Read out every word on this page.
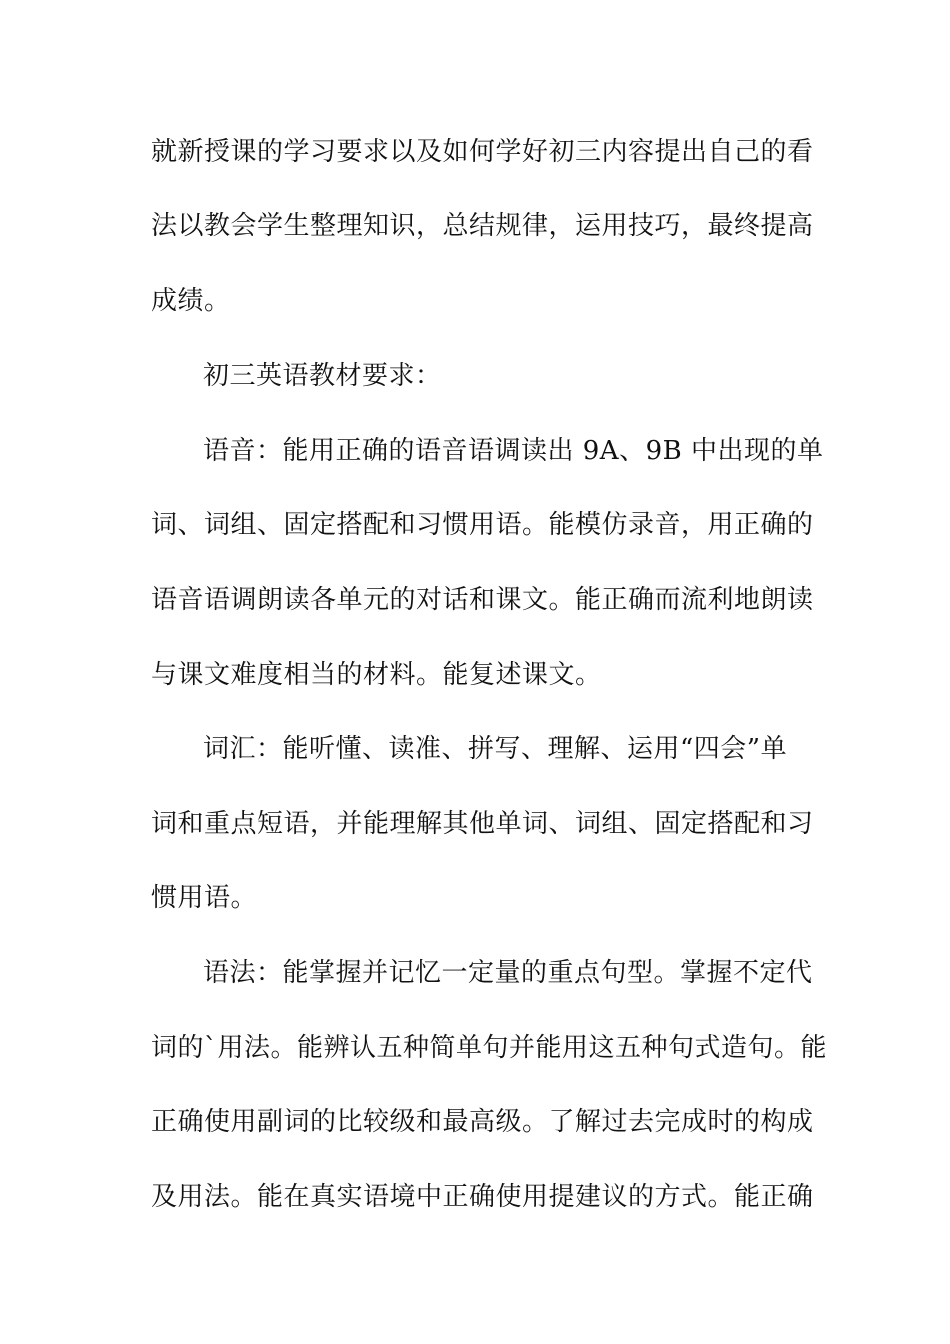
就新授课的学习要求以及如何学好初三内容提出自己的看
法以教会学生整理知识，总结规律，运用技巧，最终提高
成绩。
初三英语教材要求：
语音：能用正确的语音语调读出 9A、9B 中出现的单
词、词组、固定搭配和习惯用语。能模仿录音，用正确的
语音语调朗读各单元的对话和课文。能正确而流利地朗读
与课文难度相当的材料。能复述课文。
词汇：能听懂、读准、拼写、理解、运用“四会”单
词和重点短语，并能理解其他单词、词组、固定搭配和习
惯用语。
语法：能掌握并记忆一定量的重点句型。掌握不定代
词的`用法。能辨认五种简单句并能用这五种句式造句。能
正确使用副词的比较级和最高级。了解过去完成时的构成
及用法。能在真实语境中正确使用提建议的方式。能正确
